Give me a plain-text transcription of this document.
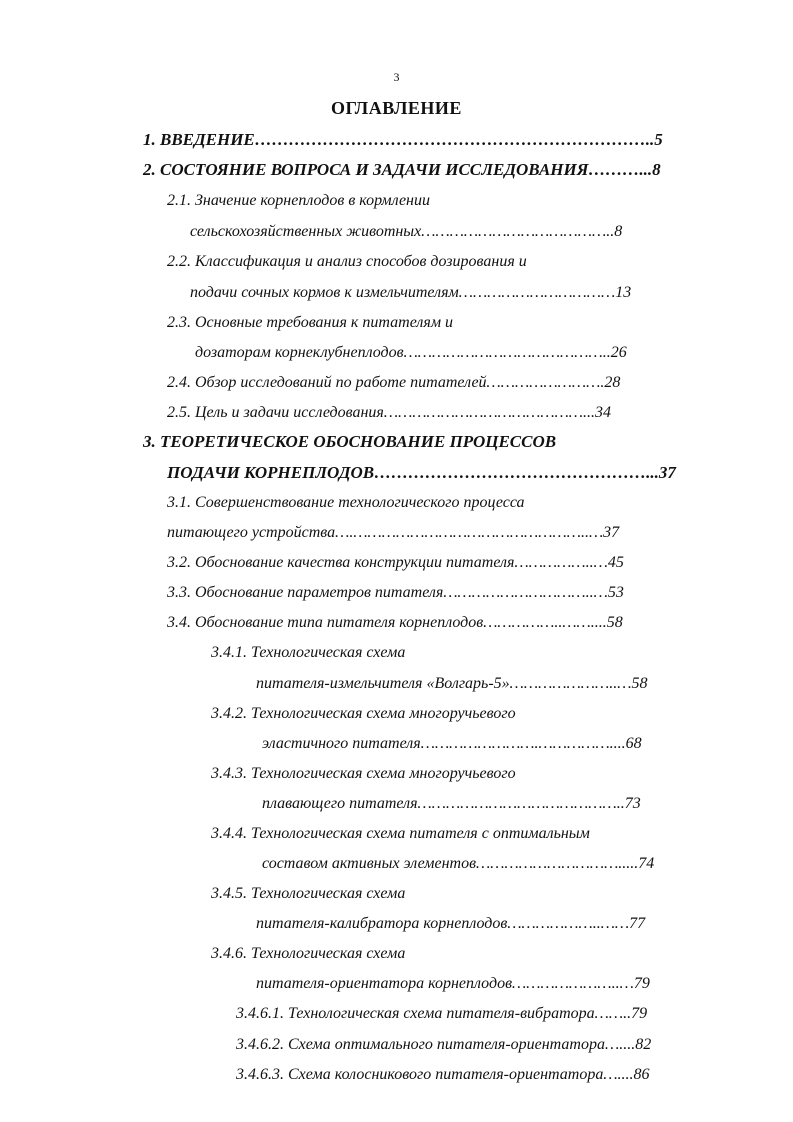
3
ОГЛАВЛЕНИЕ
1. ВВЕДЕНИЕ……………………………………………………………..5
2. СОСТОЯНИЕ ВОПРОСА И ЗАДАЧИ ИССЛЕДОВАНИЯ………...8
2.1. Значение корнеплодов в кормлении
сельскохозяйственных животных…………………………………..8
2.2. Классификация и анализ способов дозирования и
подачи сочных кормов к измельчителям……………………………13
2.3. Основные требования к питателям и
дозаторам корнеклубнеплодов……………………………………..26
2.4. Обзор исследований по работе питателей…………………….28
2.5. Цель и задачи исследования……………………………………...34
3. ТЕОРЕТИЧЕСКОЕ ОБОСНОВАНИЕ ПРОЦЕССОВ
ПОДАЧИ КОРНЕПЛОДОВ…………………………………………...37
3.1. Совершенствование технологического процесса
питающего устройства….…………………………………………..…37
3.2. Обоснование качества конструкции питателя……………..…45
3.3. Обоснование параметров питателя…………………………..…53
3.4. Обоснование типа питателя корнеплодов……………..……....58
3.4.1. Технологическая схема
питателя-измельчителя «Волгарь-5»…………………..…58
3.4.2. Технологическая схема многоручьевого
эластичного питателя…………………….……………....68
3.4.3. Технологическая схема многоручьевого
плавающего питателя……………………………………..73
3.4.4. Технологическая схема питателя с оптимальным
составом активных элементов………………………….....74
3.4.5. Технологическая схема
питателя-калибратора корнеплодов………………..……77
3.4.6. Технологическая схема
питателя-ориентатора корнеплодов…………………..…79
3.4.6.1. Технологическая схема питателя-вибратора……..79
3.4.6.2. Схема оптимального питателя-ориентатора…....82
3.4.6.3. Схема колосникового питателя-ориентатора…....86
